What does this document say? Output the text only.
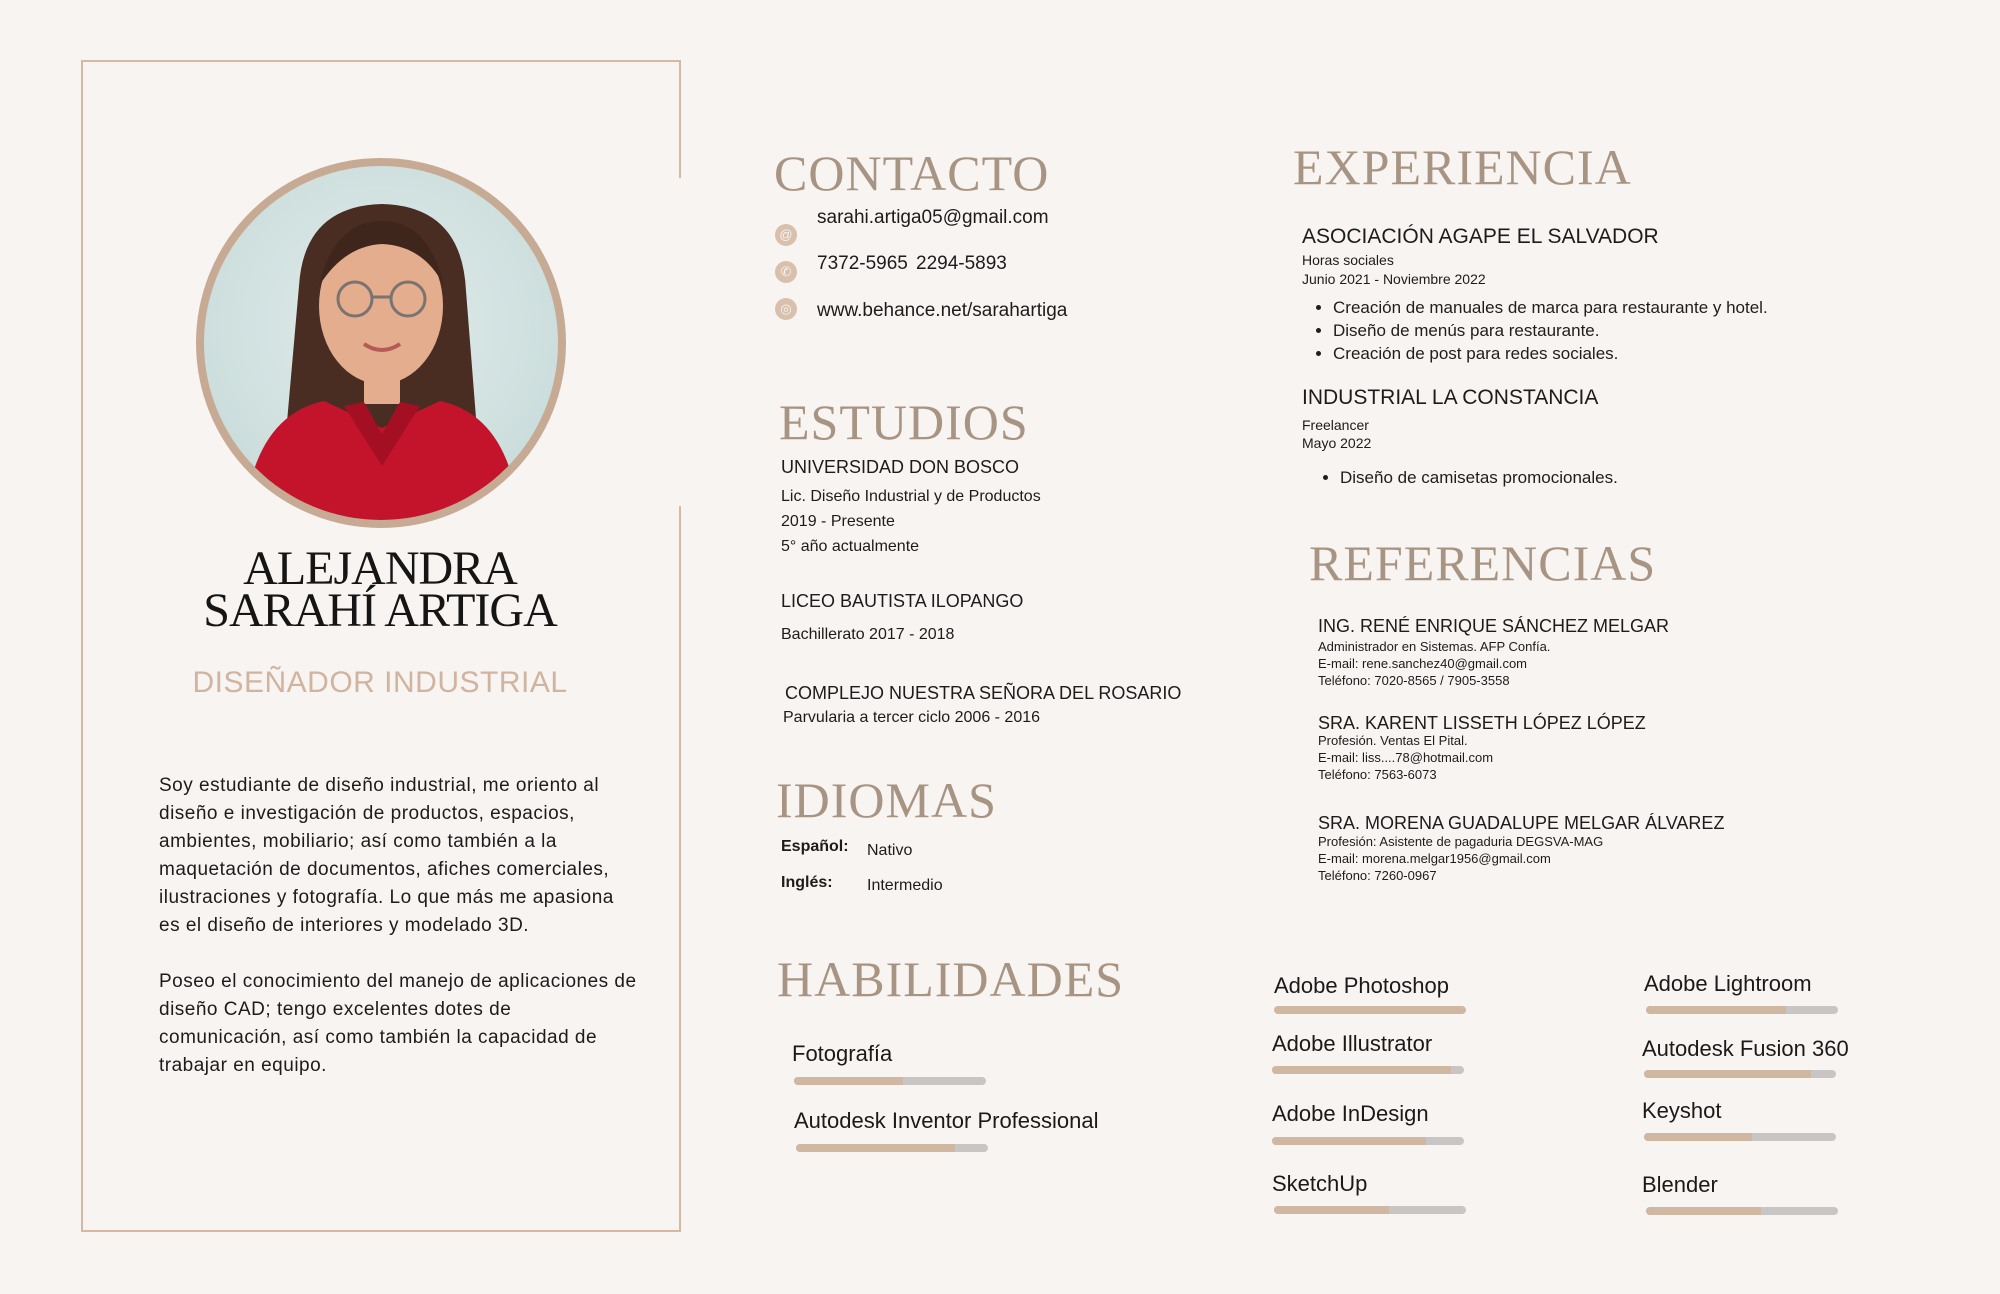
ALEJANDRA
SARAHÍ ARTIGA
DISEÑADOR INDUSTRIAL

Soy estudiante de diseño industrial, me oriento al diseño e investigación de productos, espacios, ambientes, mobiliario; así como también a la maquetación de documentos, afiches comerciales, ilustraciones y fotografía. Lo que más me apasiona es el diseño de interiores y modelado 3D.

Poseo el conocimiento del manejo de aplicaciones de diseño CAD; tengo excelentes dotes de comunicación, así como también la capacidad de trabajar en equipo.

CONTACTO
@
sarahi.artiga05@gmail.com
✆ 7372-5965 2294-5893
◎ www.behance.net/sarahartiga
ESTUDIOS
UNIVERSIDAD DON BOSCO
Lic. Diseño Industrial y de Productos
2019 - Presente
5° año actualmente
LICEO BAUTISTA ILOPANGO
Bachillerato 2017 - 2018
COMPLEJO NUESTRA SEÑORA DEL ROSARIO
Parvularia a tercer ciclo 2006 - 2016
IDIOMAS
Español: Nativo
Inglés: Intermedio
HABILIDADES
Fotografía
Autodesk Inventor Professional
Adobe Photoshop
Adobe Illustrator
Adobe InDesign
SketchUp
Adobe Lightroom
Autodesk Fusion 360
Keyshot
Blender
EXPERIENCIA
ASOCIACIÓN AGAPE EL SALVADOR
Horas sociales
Junio 2021 - Noviembre 2022
• Creación de manuales de marca para restaurante y hotel.
• Diseño de menús para restaurante.
• Creación de post para redes sociales.
INDUSTRIAL LA CONSTANCIA
Freelancer
Mayo 2022
• Diseño de camisetas promocionales.
REFERENCIAS
ING. RENÉ ENRIQUE SÁNCHEZ MELGAR
Administrador en Sistemas. AFP Confía.
E-mail: rene.sanchez40@gmail.com
Teléfono: 7020-8565 / 7905-3558
SRA. KARENT LISSETH LÓPEZ LÓPEZ
Profesión. Ventas El Pital.
E-mail: liss....78@hotmail.com
Teléfono: 7563-6073
SRA. MORENA GUADALUPE MELGAR ÁLVAREZ
Profesión: Asistente de pagaduria DEGSVA-MAG
E-mail: morena.melgar1956@gmail.com
Teléfono: 7260-0967
